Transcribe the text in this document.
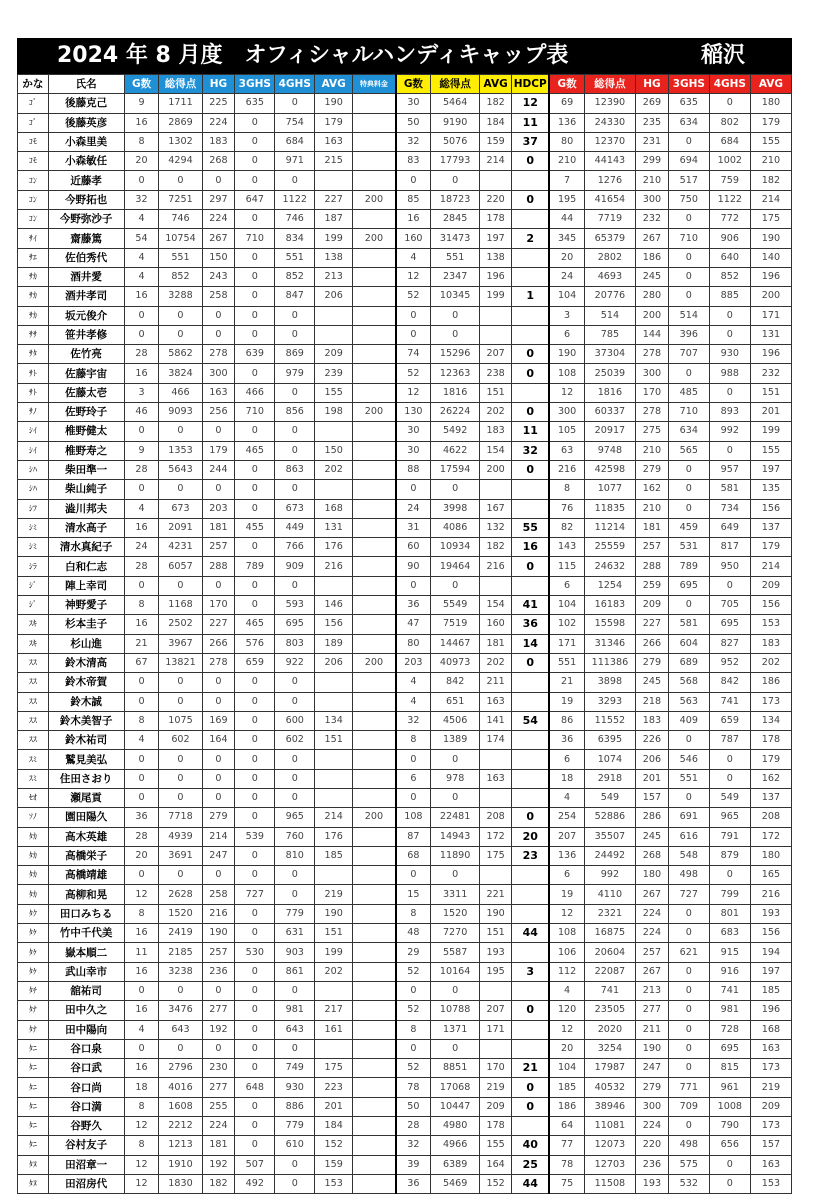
2024 年 8 月度　オフィシャルハンディキャップ表	稲沢
かな	氏名	G数	総得点	HG	3GHS	4GHS	AVG	特典料金	G数	総得点	AVG	HDCP	G数	総得点	HG	3GHS	4GHS	AVG
ｺﾞ	後藤克己	9	1711	225	635	0	190		30	5464	182	12	69	12390	269	635	0	180
ｺﾞ	後藤英彦	16	2869	224	0	754	179		50	9190	184	11	136	24330	235	634	802	179
ｺﾓ	小森里美	8	1302	183	0	684	163		32	5076	159	37	80	12370	231	0	684	155
ｺﾓ	小森敏任	20	4294	268	0	971	215		83	17793	214	0	210	44143	299	694	1002	210
ｺﾝ	近藤孝	0	0	0	0	0			0	0			7	1276	210	517	759	182
ｺﾝ	今野拓也	32	7251	297	647	1122	227	200	85	18723	220	0	195	41654	300	750	1122	214
ｺﾝ	今野弥沙子	4	746	224	0	746	187		16	2845	178		44	7719	232	0	772	175
ｻｲ	齋藤篤	54	10754	267	710	834	199	200	160	31473	197	2	345	65379	267	710	906	190
ｻｴ	佐伯秀代	4	551	150	0	551	138		4	551	138		20	2802	186	0	640	140
ｻｶ	酒井愛	4	852	243	0	852	213		12	2347	196		24	4693	245	0	852	196
ｻｶ	酒井孝司	16	3288	258	0	847	206		52	10345	199	1	104	20776	280	0	885	200
ｻｶ	坂元俊介	0	0	0	0	0			0	0			3	514	200	514	0	171
ｻｻ	笹井孝修	0	0	0	0	0			0	0			6	785	144	396	0	131
ｻﾀ	佐竹亮	28	5862	278	639	869	209		74	15296	207	0	190	37304	278	707	930	196
ｻﾄ	佐藤宇宙	16	3824	300	0	979	239		52	12363	238	0	108	25039	300	0	988	232
ｻﾄ	佐藤太壱	3	466	163	466	0	155		12	1816	151		12	1816	170	485	0	151
ｻﾉ	佐野玲子	46	9093	256	710	856	198	200	130	26224	202	0	300	60337	278	710	893	201
ｼｲ	椎野健太	0	0	0	0	0			30	5492	183	11	105	20917	275	634	992	199
ｼｲ	椎野寿之	9	1353	179	465	0	150		30	4622	154	32	63	9748	210	565	0	155
ｼﾊ	柴田準一	28	5643	244	0	863	202		88	17594	200	0	216	42598	279	0	957	197
ｼﾊ	柴山純子	0	0	0	0	0			0	0			8	1077	162	0	581	135
ｼﾌ	澁川邦夫	4	673	203	0	673	168		24	3998	167		76	11835	210	0	734	156
ｼﾐ	清水高子	16	2091	181	455	449	131		31	4086	132	55	82	11214	181	459	649	137
ｼﾐ	清水真紀子	24	4231	257	0	766	176		60	10934	182	16	143	25559	257	531	817	179
ｼﾗ	白和仁志	28	6057	288	789	909	216		90	19464	216	0	115	24632	288	789	950	214
ｼﾞ	陣上幸司	0	0	0	0	0			0	0			6	1254	259	695	0	209
ｼﾞ	神野愛子	8	1168	170	0	593	146		36	5549	154	41	104	16183	209	0	705	156
ｽｷ	杉本圭子	16	2502	227	465	695	156		47	7519	160	36	102	15598	227	581	695	153
ｽｷ	杉山進	21	3967	266	576	803	189		80	14467	181	14	171	31346	266	604	827	183
ｽｽ	鈴木清高	67	13821	278	659	922	206	200	203	40973	202	0	551	111386	279	689	952	202
ｽｽ	鈴木帝賀	0	0	0	0	0			4	842	211		21	3898	245	568	842	186
ｽｽ	鈴木誠	0	0	0	0	0			4	651	163		19	3293	218	563	741	173
ｽｽ	鈴木美智子	8	1075	169	0	600	134		32	4506	141	54	86	11552	183	409	659	134
ｽｽ	鈴木祐司	4	602	164	0	602	151		8	1389	174		36	6395	226	0	787	178
ｽﾐ	鷲見美弘	0	0	0	0	0			0	0			6	1074	206	546	0	179
ｽﾐ	住田さおり	0	0	0	0	0			6	978	163		18	2918	201	551	0	162
ｾｵ	瀬尾貢	0	0	0	0	0			0	0			4	549	157	0	549	137
ｿﾉ	園田陽久	36	7718	279	0	965	214	200	108	22481	208	0	254	52886	286	691	965	208
ﾀｶ	高木英雄	28	4939	214	539	760	176		87	14943	172	20	207	35507	245	616	791	172
ﾀｶ	高橋栄子	20	3691	247	0	810	185		68	11890	175	23	136	24492	268	548	879	180
ﾀｶ	高橋靖雄	0	0	0	0	0			0	0			6	992	180	498	0	165
ﾀｶ	高柳和晃	12	2628	258	727	0	219		15	3311	221		19	4110	267	727	799	216
ﾀｸ	田口みちる	8	1520	216	0	779	190		8	1520	190		12	2321	224	0	801	193
ﾀｹ	竹中千代美	16	2419	190	0	631	151		48	7270	151	44	108	16875	224	0	683	156
ﾀｹ	嶽本順二	11	2185	257	530	903	199		29	5587	193		106	20604	257	621	915	194
ﾀｹ	武山幸市	16	3238	236	0	861	202		52	10164	195	3	112	22087	267	0	916	197
ﾀﾁ	舘祐司	0	0	0	0	0			0	0			4	741	213	0	741	185
ﾀﾅ	田中久之	16	3476	277	0	981	217		52	10788	207	0	120	23505	277	0	981	196
ﾀﾅ	田中陽向	4	643	192	0	643	161		8	1371	171		12	2020	211	0	728	168
ﾀﾆ	谷口泉	0	0	0	0	0			0	0			20	3254	190	0	695	163
ﾀﾆ	谷口武	16	2796	230	0	749	175		52	8851	170	21	104	17987	247	0	815	173
ﾀﾆ	谷口尚	18	4016	277	648	930	223		78	17068	219	0	185	40532	279	771	961	219
ﾀﾆ	谷口満	8	1608	255	0	886	201		50	10447	209	0	186	38946	300	709	1008	209
ﾀﾆ	谷野久	12	2212	224	0	779	184		28	4980	178		64	11081	224	0	790	173
ﾀﾆ	谷村友子	8	1213	181	0	610	152		32	4966	155	40	77	12073	220	498	656	157
ﾀﾇ	田沼章一	12	1910	192	507	0	159		39	6389	164	25	78	12703	236	575	0	163
ﾀﾇ	田沼房代	12	1830	182	492	0	153		36	5469	152	44	75	11508	193	532	0	153
